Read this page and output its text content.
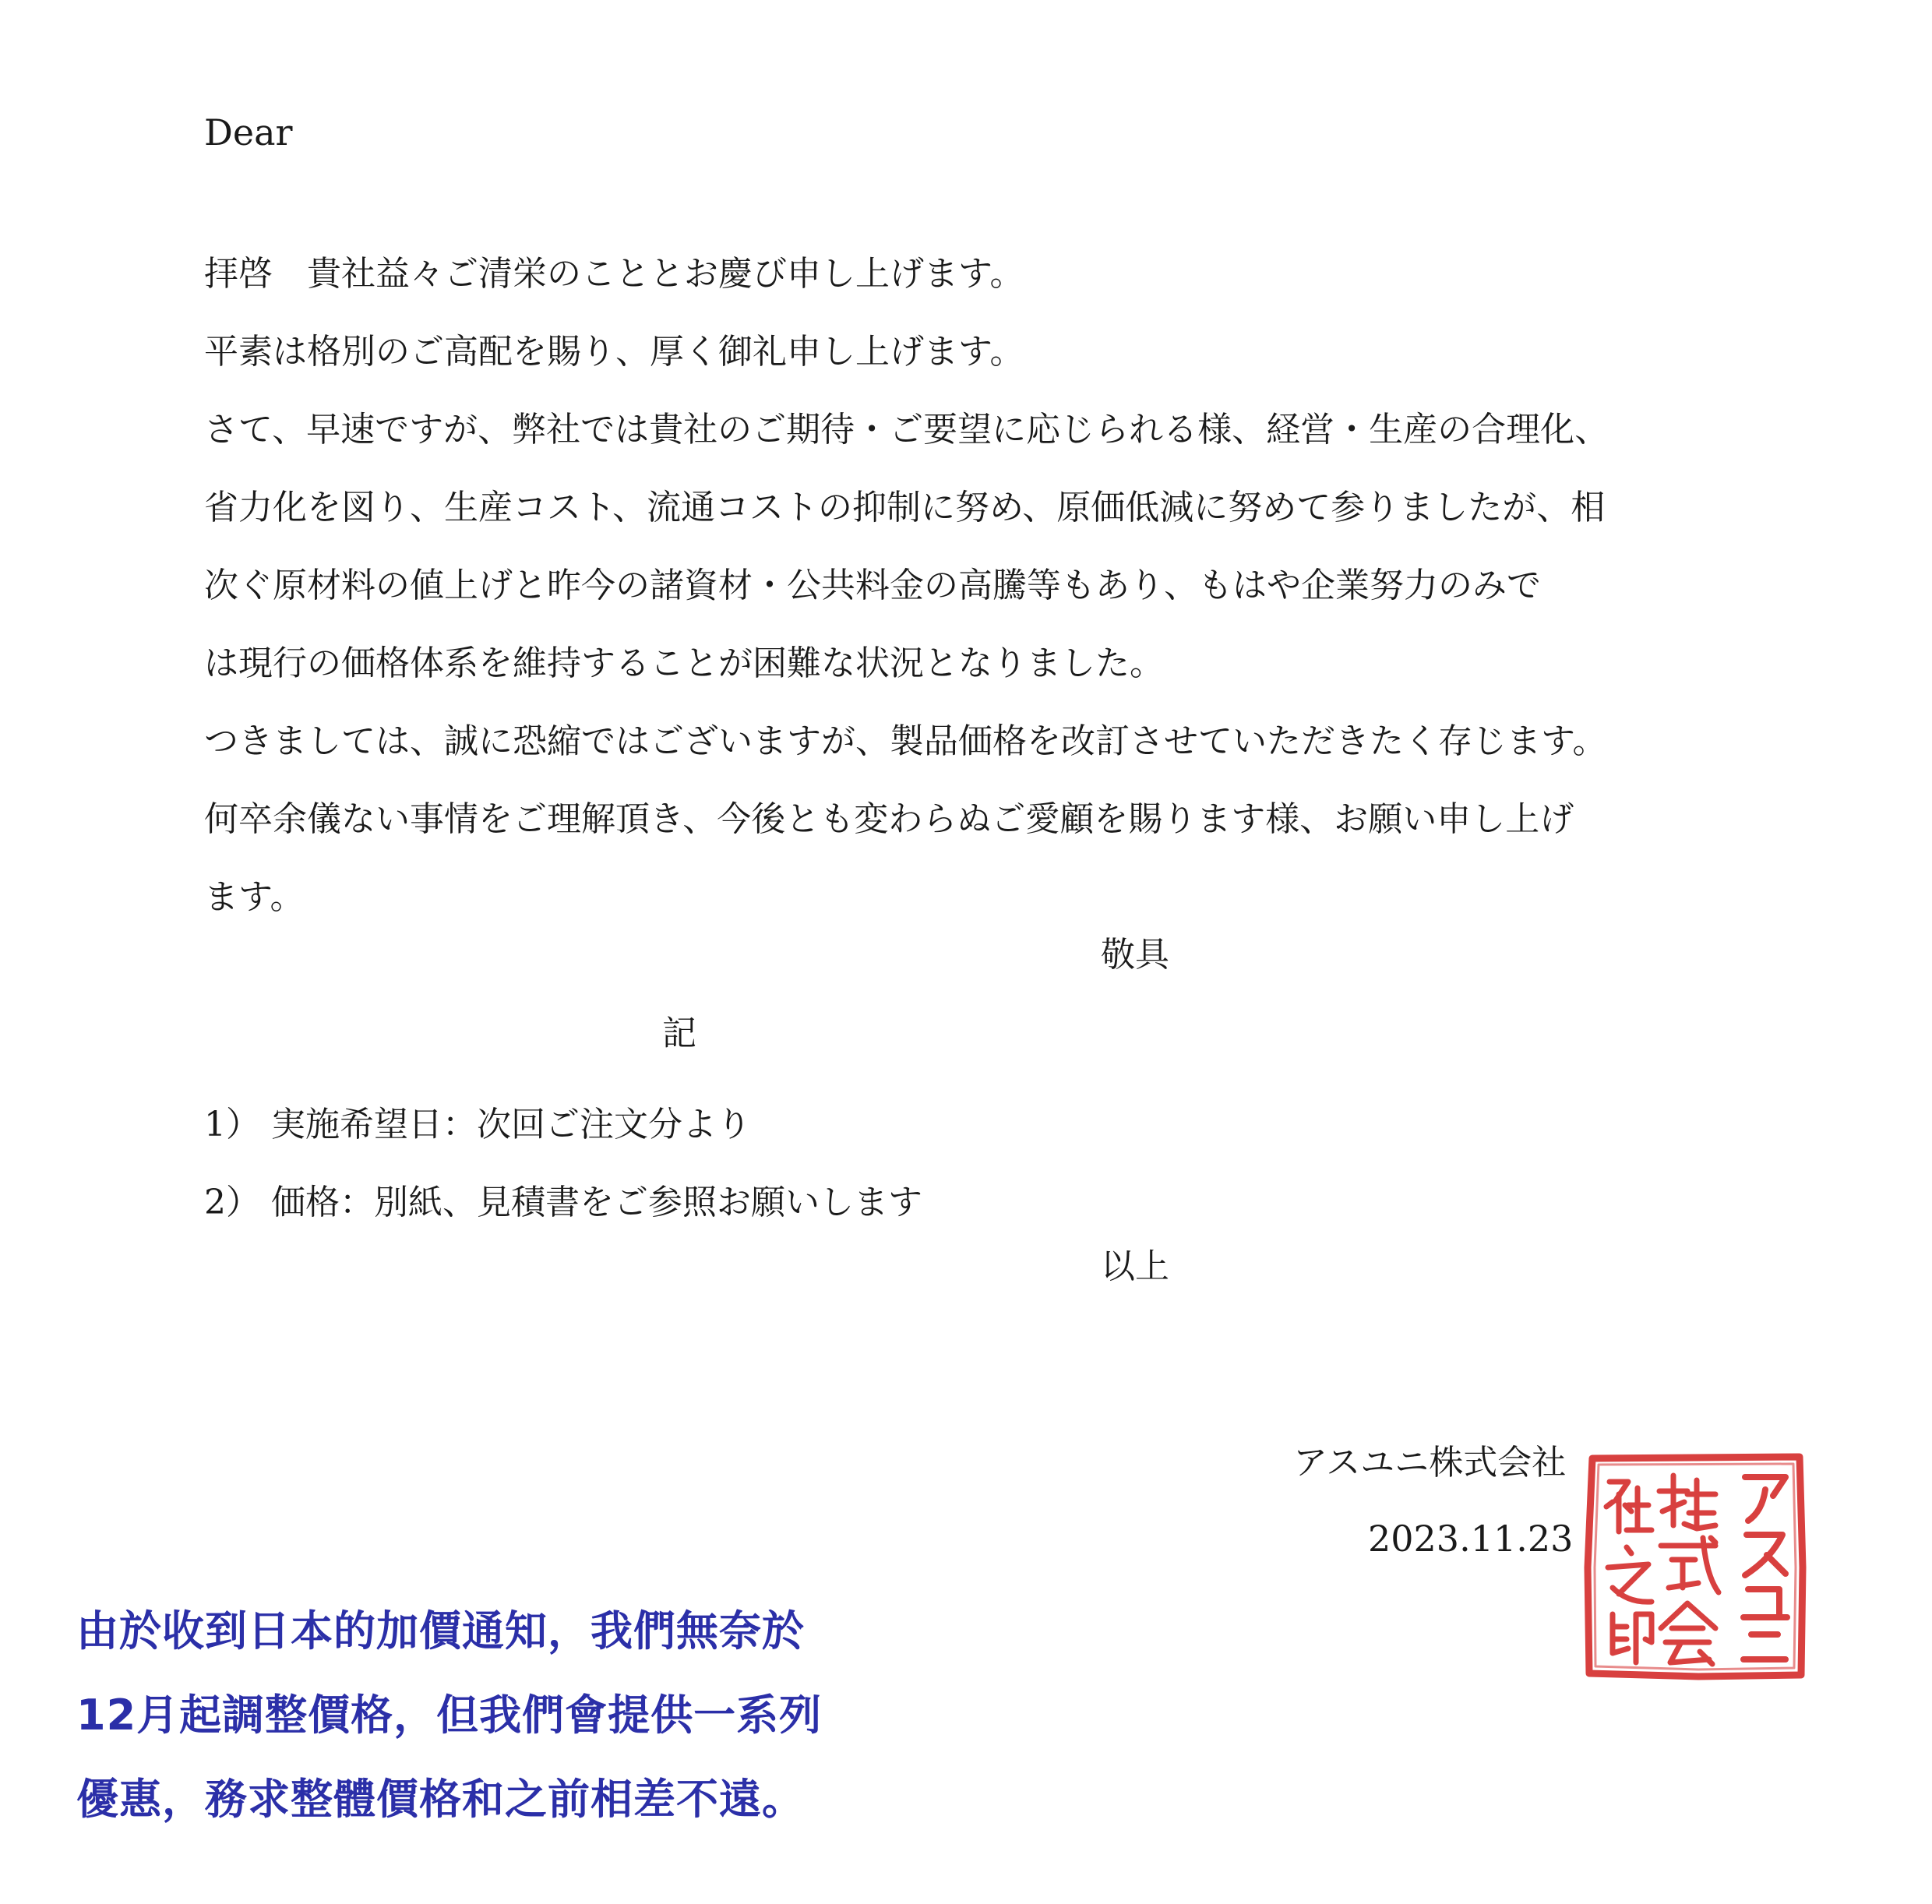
Dear
拝啓　貴社益々ご清栄のこととお慶び申し上げます。
平素は格別のご高配を賜り、厚く御礼申し上げます。
さて、早速ですが、弊社では貴社のご期待・ご要望に応じられる様、経営・生産の合理化、
省力化を図り、生産コスト、流通コストの抑制に努め、原価低減に努めて参りましたが、相
次ぐ原材料の値上げと昨今の諸資材・公共料金の高騰等もあり、もはや企業努力のみで
は現行の価格体系を維持することが困難な状況となりました。
つきましては、誠に恐縮ではございますが、製品価格を改訂させていただきたく存じます。
何卒余儀ない事情をご理解頂き、今後とも変わらぬご愛顧を賜ります様、お願い申し上げ
ます。
敬具
記
1） 実施希望日：次回ご注文分より
2） 価格：別紙、見積書をご参照お願いします
以上
アスユニ株式会社
2023.11.23
由於收到日本的加價通知，我們無奈於
12月起調整價格，但我們會提供一系列
優惠，務求整體價格和之前相差不遠。
